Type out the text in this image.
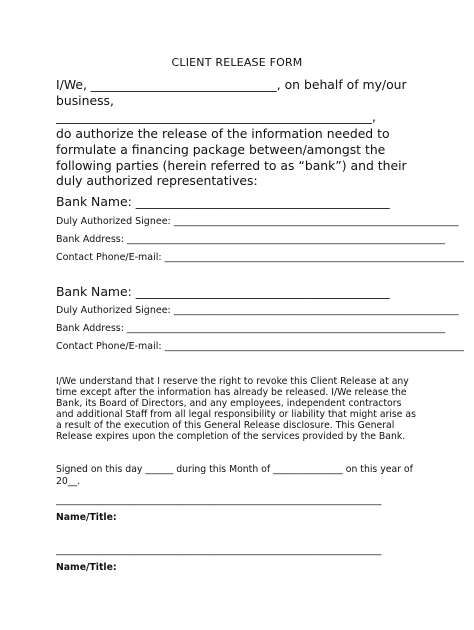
CLIENT RELEASE FORM
I/We, ______________________________, on behalf of my/our
business,
___________________________________________________,
do authorize the release of the information needed to formulate a financing package between/amongst the following parties (herein referred to as “bank”) and their duly authorized representatives:
Bank Name: _________________________________________
Duly Authorized Signee: ____________________________________________________________
Bank Address: ___________________________________________________________________
Contact Phone/E-mail: _______________________________________________________________
Bank Name: _________________________________________
Duly Authorized Signee: ____________________________________________________________
Bank Address: ___________________________________________________________________
Contact Phone/E-mail: _______________________________________________________________
I/We understand that I reserve the right to revoke this Client Release at any time except after the information has already be released. I/We release the Bank, its Board of Directors, and any employees, independent contractors and additional Staff from all legal responsibility or liability that might arise as a result of the execution of this General Release disclosure. This General Release expires upon the completion of the services provided by the Bank.
Signed on this day ______ during this Month of _______________ on this year of
20__.
______________________________________________________________________
Name/Title:
______________________________________________________________________
Name/Title:
